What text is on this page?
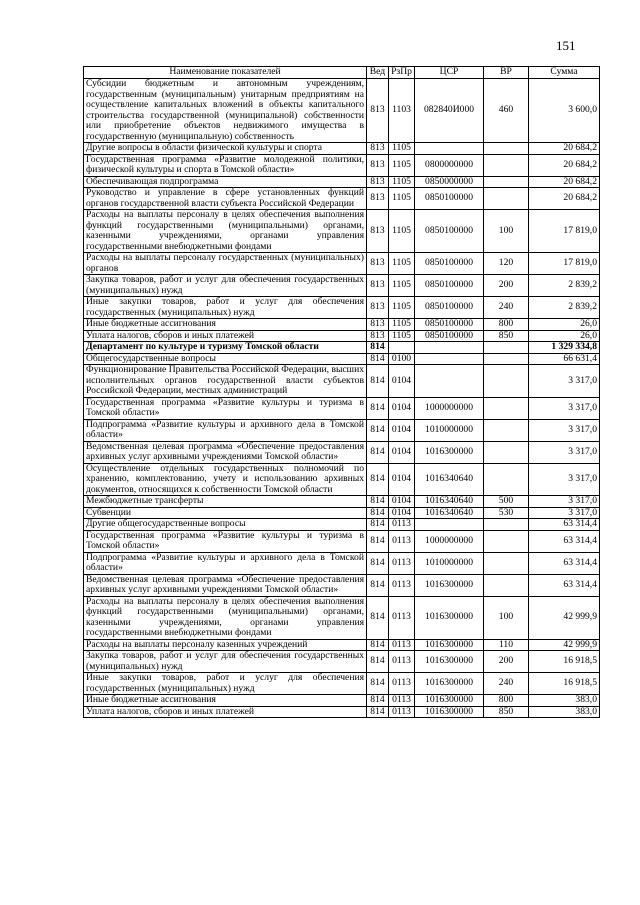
151
Наименование показателей	Вед	РзПр	ЦСР	ВР	Сумма
Субсидии бюджетным и автономным учреждениям, государственным (муниципальным) унитарным предприятиям на осуществление капитальных вложений в объекты капитального строительства государственной (муниципальной) собственности или приобретение объектов недвижимого имущества в государственную (муниципальную) собственность	813	1103	082840И000	460	3 600,0
Другие вопросы в области физической культуры и спорта	813	1105			20 684,2
Государственная программа «Развитие молодежной политики, физической культуры и спорта в Томской области»	813	1105	0800000000		20 684,2
Обеспечивающая подпрограмма	813	1105	0850000000		20 684,2
Руководство и управление в сфере установленных функций органов государственной власти субъекта Российской Федерации	813	1105	0850100000		20 684,2
Расходы на выплаты персоналу в целях обеспечения выполнения функций государственными (муниципальными) органами, казенными учреждениями, органами управления государственными внебюджетными фондами	813	1105	0850100000	100	17 819,0
Расходы на выплаты персоналу государственных (муниципальных) органов	813	1105	0850100000	120	17 819,0
Закупка товаров, работ и услуг для обеспечения государственных (муниципальных) нужд	813	1105	0850100000	200	2 839,2
Иные закупки товаров, работ и услуг для обеспечения государственных (муниципальных) нужд	813	1105	0850100000	240	2 839,2
Иные бюджетные ассигнования	813	1105	0850100000	800	26,0
Уплата налогов, сборов и иных платежей	813	1105	0850100000	850	26,0
Департамент по культуре и туризму Томской области	814				1 329 334,8
Общегосударственные вопросы	814	0100			66 631,4
Функционирование Правительства Российской Федерации, высших исполнительных органов государственной власти субъектов Российской Федерации, местных администраций	814	0104			3 317,0
Государственная программа «Развитие культуры и туризма в Томской области»	814	0104	1000000000		3 317,0
Подпрограмма «Развитие культуры и архивного дела в Томской области»	814	0104	1010000000		3 317,0
Ведомственная целевая программа «Обеспечение предоставления архивных услуг архивными учреждениями Томской области»	814	0104	1016300000		3 317,0
Осуществление отдельных государственных полномочий по хранению, комплектованию, учету и использованию архивных документов, относящихся к собственности Томской области	814	0104	1016340640		3 317,0
Межбюджетные трансферты	814	0104	1016340640	500	3 317,0
Субвенции	814	0104	1016340640	530	3 317,0
Другие общегосударственные вопросы	814	0113			63 314,4
Государственная программа «Развитие культуры и туризма в Томской области»	814	0113	1000000000		63 314,4
Подпрограмма «Развитие культуры и архивного дела в Томской области»	814	0113	1010000000		63 314,4
Ведомственная целевая программа «Обеспечение предоставления архивных услуг архивными учреждениями Томской области»	814	0113	1016300000		63 314,4
Расходы на выплаты персоналу в целях обеспечения выполнения функций государственными (муниципальными) органами, казенными учреждениями, органами управления государственными внебюджетными фондами	814	0113	1016300000	100	42 999,9
Расходы на выплаты персоналу казенных учреждений	814	0113	1016300000	110	42 999,9
Закупка товаров, работ и услуг для обеспечения государственных (муниципальных) нужд	814	0113	1016300000	200	16 918,5
Иные закупки товаров, работ и услуг для обеспечения государственных (муниципальных) нужд	814	0113	1016300000	240	16 918,5
Иные бюджетные ассигнования	814	0113	1016300000	800	383,0
Уплата налогов, сборов и иных платежей	814	0113	1016300000	850	383,0
